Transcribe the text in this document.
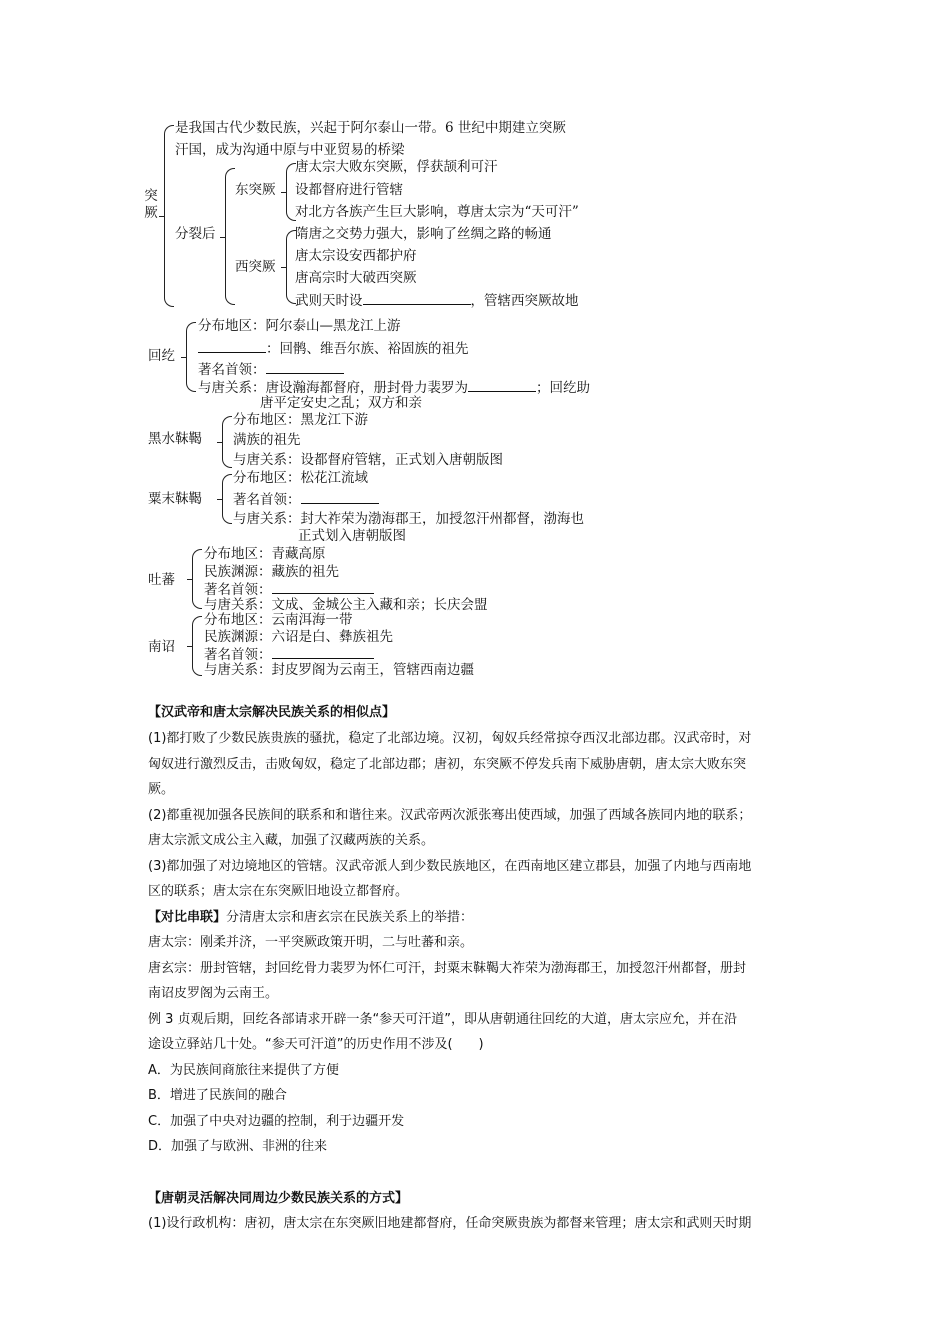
突厥
是我国古代少数民族，兴起于阿尔泰山一带。6 世纪中期建立突厥
汗国，成为沟通中原与中亚贸易的桥梁
分裂后
东突厥
唐太宗大败东突厥，俘获颉利可汗
设都督府进行管辖
对北方各族产生巨大影响，尊唐太宗为“天可汗”
西突厥
隋唐之交势力强大，影响了丝绸之路的畅通
唐太宗设安西都护府
唐高宗时大破西突厥
武则天时设	，管辖西突厥故地
回纥
分布地区：阿尔泰山—黑龙江上游
：回鹘、维吾尔族、裕固族的祖先
著名首领：
与唐关系：唐设瀚海都督府，册封骨力裴罗为	；回纥助
唐平定安史之乱；双方和亲
黑水靺鞨
分布地区：黑龙江下游
满族的祖先
与唐关系：设都督府管辖，正式划入唐朝版图
粟末靺鞨
分布地区：松花江流域
著名首领：
与唐关系：封大祚荣为渤海郡王，加授忽汗州都督，渤海也
正式划入唐朝版图
吐蕃
分布地区：青藏高原
民族渊源：藏族的祖先
著名首领：
与唐关系：文成、金城公主入藏和亲；长庆会盟
南诏
分布地区：云南洱海一带
民族渊源：六诏是白、彝族祖先
著名首领：
与唐关系：封皮罗阁为云南王，管辖西南边疆
【汉武帝和唐太宗解决民族关系的相似点】
(1)都打败了少数民族贵族的骚扰，稳定了北部边境。汉初，匈奴兵经常掠夺西汉北部边郡。汉武帝时，对
匈奴进行激烈反击，击败匈奴，稳定了北部边郡；唐初，东突厥不停发兵南下威胁唐朝，唐太宗大败东突
厥。
(2)都重视加强各民族间的联系和和谐往来。汉武帝两次派张骞出使西域，加强了西域各族同内地的联系；
唐太宗派文成公主入藏，加强了汉藏两族的关系。
(3)都加强了对边境地区的管辖。汉武帝派人到少数民族地区，在西南地区建立郡县，加强了内地与西南地
区的联系；唐太宗在东突厥旧地设立都督府。
【对比串联】分清唐太宗和唐玄宗在民族关系上的举措：
唐太宗：刚柔并济，一平突厥政策开明，二与吐蕃和亲。
唐玄宗：册封管辖，封回纥骨力裴罗为怀仁可汗，封粟末靺鞨大祚荣为渤海郡王，加授忽汗州都督，册封
南诏皮罗阁为云南王。
例 3 贞观后期，回纥各部请求开辟一条“参天可汗道”，即从唐朝通往回纥的大道，唐太宗应允，并在沿
途设立驿站几十处。“参天可汗道”的历史作用不涉及(　　)
A．为民族间商旅往来提供了方便
B．增进了民族间的融合
C．加强了中央对边疆的控制，利于边疆开发
D．加强了与欧洲、非洲的往来
【唐朝灵活解决同周边少数民族关系的方式】
(1)设行政机构：唐初，唐太宗在东突厥旧地建都督府，任命突厥贵族为都督来管理；唐太宗和武则天时期
